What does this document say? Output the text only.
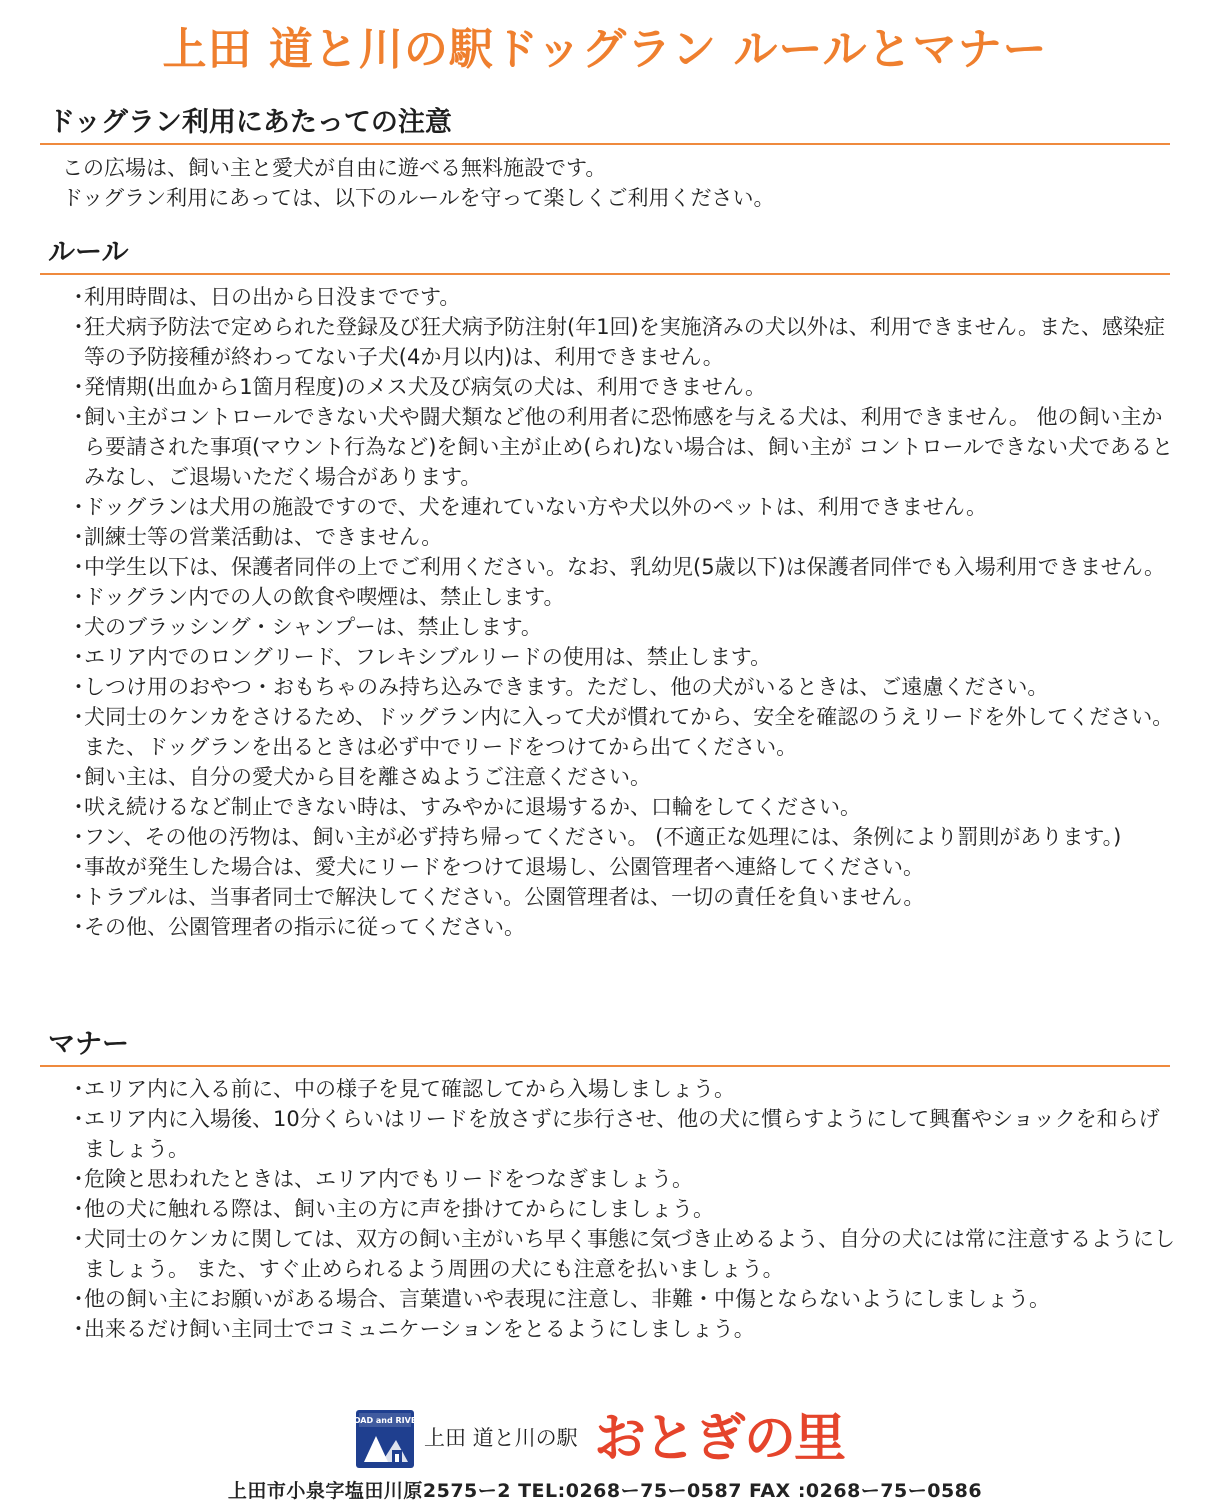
上田 道と川の駅ドッグラン ルールとマナー
ドッグラン利用にあたっての注意
この広場は、飼い主と愛犬が自由に遊べる無料施設です。
ドッグラン利用にあっては、以下のルールを守って楽しくご利用ください。
ルール
・利用時間は、日の出から日没までです。
・狂犬病予防法で定められた登録及び狂犬病予防注射(年1回)を実施済みの犬以外は、利用できません。また、感染症等の予防接種が終わってない子犬(4か月以内)は、利用できません。
・発情期(出血から1箇月程度)のメス犬及び病気の犬は、利用できません。
・飼い主がコントロールできない犬や闘犬類など他の利用者に恐怖感を与える犬は、利用できません。 他の飼い主から要請された事項(マウント行為など)を飼い主が止め(られ)ない場合は、飼い主が コントロールできない犬であるとみなし、ご退場いただく場合があります。
・ドッグランは犬用の施設ですので、犬を連れていない方や犬以外のペットは、利用できません。
・訓練士等の営業活動は、できません。
・中学生以下は、保護者同伴の上でご利用ください。なお、乳幼児(5歳以下)は保護者同伴でも入場利用できません。
・ドッグラン内での人の飲食や喫煙は、禁止します。
・犬のブラッシング・シャンプーは、禁止します。
・エリア内でのロングリード、フレキシブルリードの使用は、禁止します。
・しつけ用のおやつ・おもちゃのみ持ち込みできます。ただし、他の犬がいるときは、ご遠慮ください。
・犬同士のケンカをさけるため、ドッグラン内に入って犬が慣れてから、安全を確認のうえリードを外してください。 また、ドッグランを出るときは必ず中でリードをつけてから出てください。
・飼い主は、自分の愛犬から目を離さぬようご注意ください。
・吠え続けるなど制止できない時は、すみやかに退場するか、口輪をしてください。
・フン、その他の汚物は、飼い主が必ず持ち帰ってください。 (不適正な処理には、条例により罰則があります。)
・事故が発生した場合は、愛犬にリードをつけて退場し、公園管理者へ連絡してください。
・トラブルは、当事者同士で解決してください。公園管理者は、一切の責任を負いません。
・その他、公園管理者の指示に従ってください。
マナー
・エリア内に入る前に、中の様子を見て確認してから入場しましょう。
・エリア内に入場後、10分くらいはリードを放さずに歩行させ、他の犬に慣らすようにして興奮やショックを和らげましょう。
・危険と思われたときは、エリア内でもリードをつなぎましょう。
・他の犬に触れる際は、飼い主の方に声を掛けてからにしましょう。
・犬同士のケンカに関しては、双方の飼い主がいち早く事態に気づき止めるよう、自分の犬には常に注意するようにしましょう。 また、すぐ止められるよう周囲の犬にも注意を払いましょう。
・他の飼い主にお願いがある場合、言葉遣いや表現に注意し、非難・中傷とならないようにしましょう。
・出来るだけ飼い主同士でコミュニケーションをとるようにしましょう。
ROAD and RIVER
上田 道と川の駅 おとぎの里
上田市小泉字塩田川原2575ー2 TEL:0268ー75ー0587 FAX :0268ー75ー0586
